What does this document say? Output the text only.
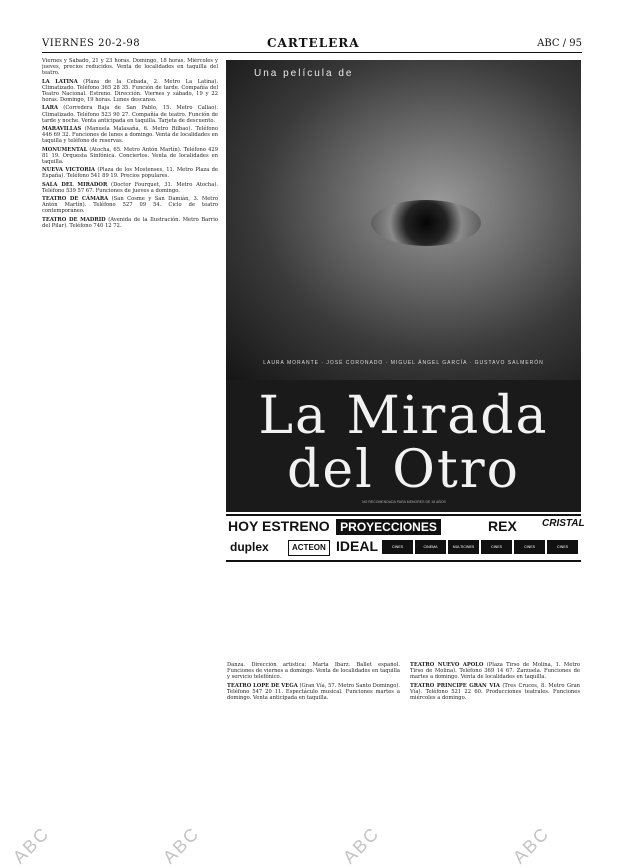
VIERNES 20-2-98	CARTELERA	ABC / 95

Viernes y Sábado, 21 y 23 horas. Domingo, 18 horas. Miércoles y jueves, precios reducidos. Venta de localidades en taquilla del teatro.

LA LATINA (Plaza de la Cebada, 2. Metro La Latina). Climatizado. Teléfono 365 28 35. Función de tarde. Compañía del Teatro Nacional. Estreno. Dirección. Viernes y sábado, 19 y 22 horas. Domingo, 19 horas. Lunes descanso.

LARA (Corredera Baja de San Pablo, 15. Metro Callao). Climatizado. Teléfono 523 90 27. Compañía de teatro. Función de tarde y noche. Venta anticipada en taquilla. Tarjeta de descuento.

MARAVILLAS (Manuela Malasaña, 6. Metro Bilbao). Teléfono 446 69 32. Funciones de lunes a domingo. Venta de localidades en taquilla y teléfono de reservas.

MONUMENTAL (Atocha, 65. Metro Antón Martín). Teléfono 429 81 19. Orquesta Sinfónica. Conciertos. Venta de localidades en taquilla.

NUEVA VICTORIA (Plaza de los Mostenses, 11. Metro Plaza de España). Teléfono 541 89 19. Precios populares.

SALA DEL MIRADOR (Doctor Fourquet, 31. Metro Atocha). Teléfono 539 57 67. Funciones de jueves a domingo.

TEATRO DE CÁMARA (San Cosme y San Damián, 3. Metro Antón Martín). Teléfono 527 09 54. Ciclo de teatro contemporáneo.

TEATRO DE MADRID (Avenida de la Ilustración. Metro Barrio del Pilar). Teléfono 740 12 72.

Una película de
LAURA MORANTE · JOSÉ CORONADO · MIGUEL ÁNGEL GARCÍA · GUSTAVO SALMERÓN
La Mirada
del Otro
NO RECOMENDADA PARA MENORES DE 18 AÑOS
HOY ESTRENO PROYECCIONES	REX	CRISTAL
duplex	ACTEON IDEAL	CINES	CINEMA	MULTICINES	CINES	CINES	CINES

Danza. Dirección artística: Marta Ibarz. Ballet español. Funciones de viernes a domingo. Venta de localidades en taquilla y servicio telefónico.

TEATRO LOPE DE VEGA (Gran Vía, 57. Metro Santo Domingo). Teléfono 547 20 11. Espectáculo musical. Funciones martes a domingo. Venta anticipada en taquilla.

TEATRO NUEVO APOLO (Plaza Tirso de Molina, 1. Metro Tirso de Molina). Teléfono 369 14 67. Zarzuela. Funciones de martes a domingo. Venta de localidades en taquilla.

TEATRO PRINCIPE GRAN VIA (Tres Cruces, 8. Metro Gran Vía). Teléfono 521 22 60. Producciones teatrales. Funciones miércoles a domingo.

ABC	ABC	ABC	ABC
